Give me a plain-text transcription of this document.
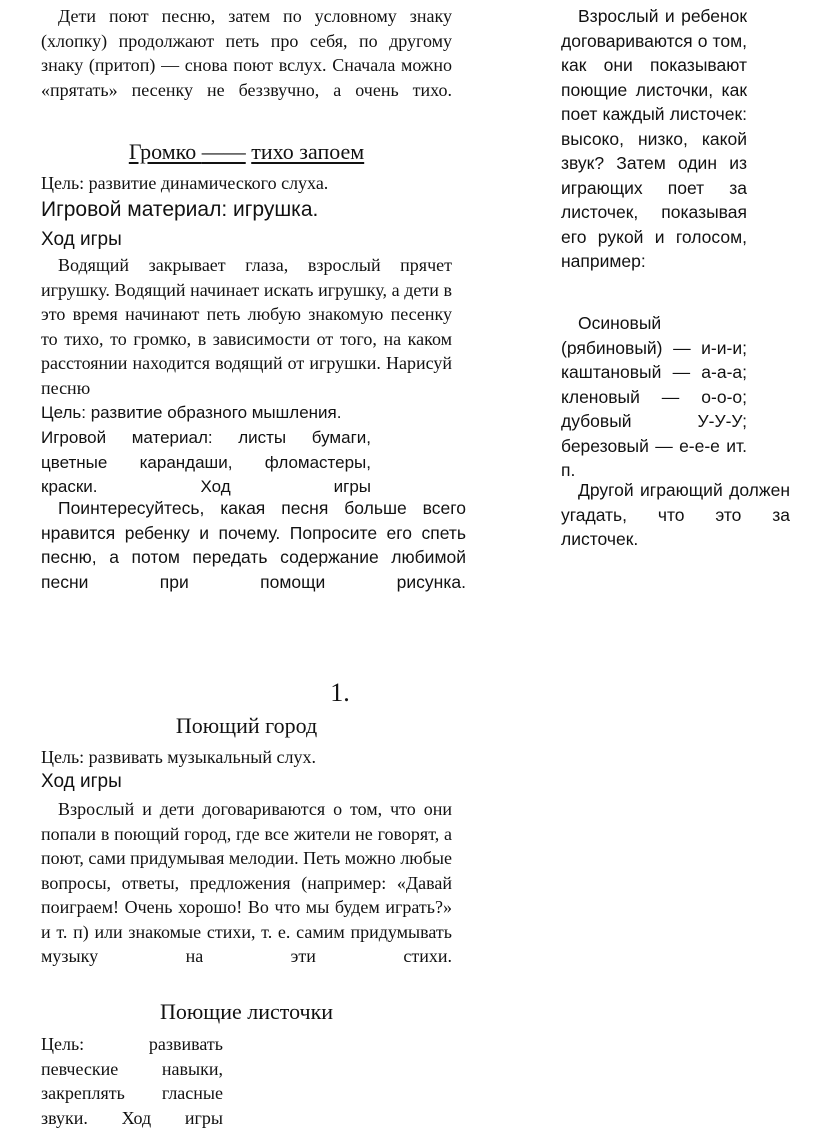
Дети поют песню, затем по условному знаку (хлопку) продолжают петь про себя, по другому знаку (притоп) — снова поют вслух. Сначала можно «прятать» песенку не беззвучно, а очень тихо.
Громко —— тихо запоем
Цель: развитие динамического слуха.
Игровой материал: игрушка.
Ход игры
Водящий закрывает глаза, взрослый прячет игрушку. Водящий начинает искать игрушку, а дети в это время начинают петь любую знакомую песенку то тихо, то громко, в зависимости от того, на каком расстоянии находится водящий от игрушки. Нарисуй песню
Цель: развитие образного мышления.
Игровой материал: листы бумаги, цветные карандаши, фломастеры, краски.	Ход игры
Поинтересуйтесь, какая песня больше всего нравится ребенку и почему. Попросите его спеть песню, а потом передать содержание любимой песни при помощи рисунка.
Взрослый и ребенок договариваются о том, как они показывают поющие листочки, как поет каждый листочек: высоко, низко, какой звук? Затем один из играющих поет за листочек, показывая его рукой и голосом, например:
Осиновый (рябиновый) — и-и-и; каштановый — а-а-а; кленовый — о-о-о; дубовый У-У-У; березовый — е-е-е ит. п.
Другой играющий должен угадать, что это за листочек.
1.
Поющий город
Цель: развивать музыкальный слух.
Ход игры
Взрослый и дети договариваются о том, что они попали в поющий город, где все жители не говорят, а поют, сами придумывая мелодии. Петь можно любые вопросы, ответы, предложения (например: «Давай поиграем! Очень хорошо! Во что мы будем играть?» и т. п) или знакомые стихи, т. е. самим придумывать музыку на эти стихи.
Поющие листочки
Цель: развивать певческие навыки, закреплять гласные звуки. Ход игры
